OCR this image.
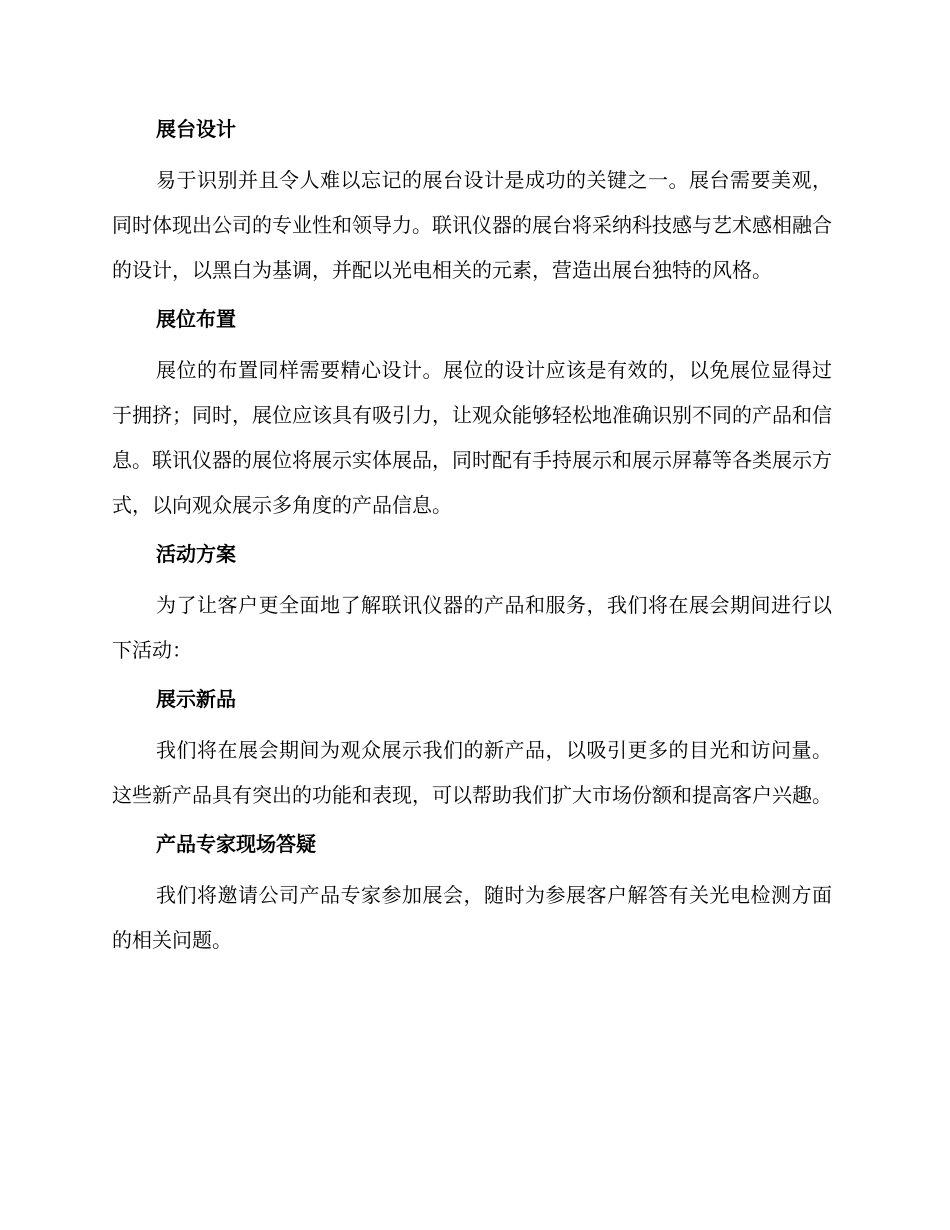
展台设计

易于识别并且令人难以忘记的展台设计是成功的关键之一。展台需要美观，同时体现出公司的专业性和领导力。联讯仪器的展台将采纳科技感与艺术感相融合的设计，以黑白为基调，并配以光电相关的元素，营造出展台独特的风格。

展位布置

展位的布置同样需要精心设计。展位的设计应该是有效的，以免展位显得过于拥挤；同时，展位应该具有吸引力，让观众能够轻松地准确识别不同的产品和信息。联讯仪器的展位将展示实体展品，同时配有手持展示和展示屏幕等各类展示方式，以向观众展示多角度的产品信息。

活动方案

为了让客户更全面地了解联讯仪器的产品和服务，我们将在展会期间进行以下活动：

展示新品

我们将在展会期间为观众展示我们的新产品，以吸引更多的目光和访问量。这些新产品具有突出的功能和表现，可以帮助我们扩大市场份额和提高客户兴趣。

产品专家现场答疑

我们将邀请公司产品专家参加展会，随时为参展客户解答有关光电检测方面的相关问题。
